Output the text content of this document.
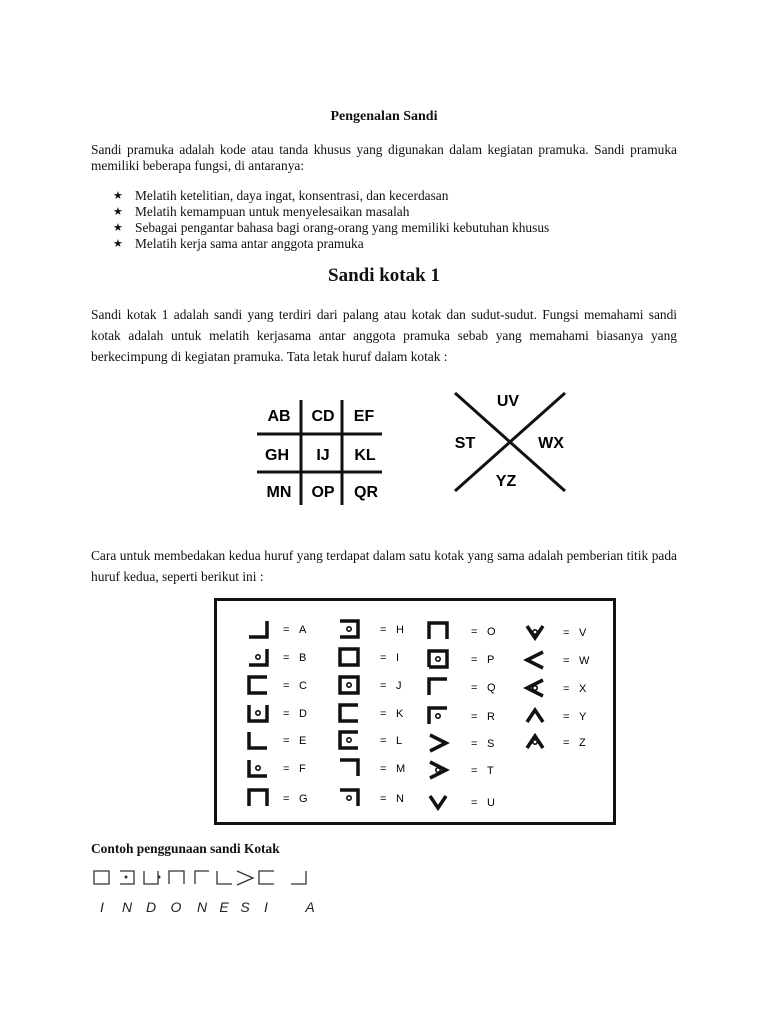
Pengenalan Sandi
Sandi pramuka adalah kode atau tanda khusus yang digunakan dalam kegiatan pramuka. Sandi pramuka memiliki beberapa fungsi, di antaranya:
★ Melatih ketelitian, daya ingat, konsentrasi, dan kecerdasan
★ Melatih kemampuan untuk menyelesaikan masalah
★ Sebagai pengantar bahasa bagi orang-orang yang memiliki kebutuhan khusus
★ Melatih kerja sama antar anggota pramuka
Sandi kotak 1
Sandi kotak 1 adalah sandi yang terdiri dari palang atau kotak dan sudut-sudut. Fungsi memahami sandi kotak adalah untuk melatih kerjasama antar anggota pramuka sebab yang memahami biasanya yang berkecimpung di kegiatan pramuka. Tata letak huruf dalam kotak :
AB CD EF
GH IJ KL
MN OP QR
UV
ST	WX
YZ
Cara untuk membedakan kedua huruf yang terdapat dalam satu kotak yang sama adalah pemberian titik pada huruf kedua, seperti berikut ini :
= A
= B
= C
= D
= E
= F
= G
= H
= I
= J
= K
= L
= M
= N
= O
= P
= Q
= R
= S
= T
= U
= V
= W
= X
= Y
= Z
Contoh penggunaan sandi Kotak
I N D O N E S I	A
